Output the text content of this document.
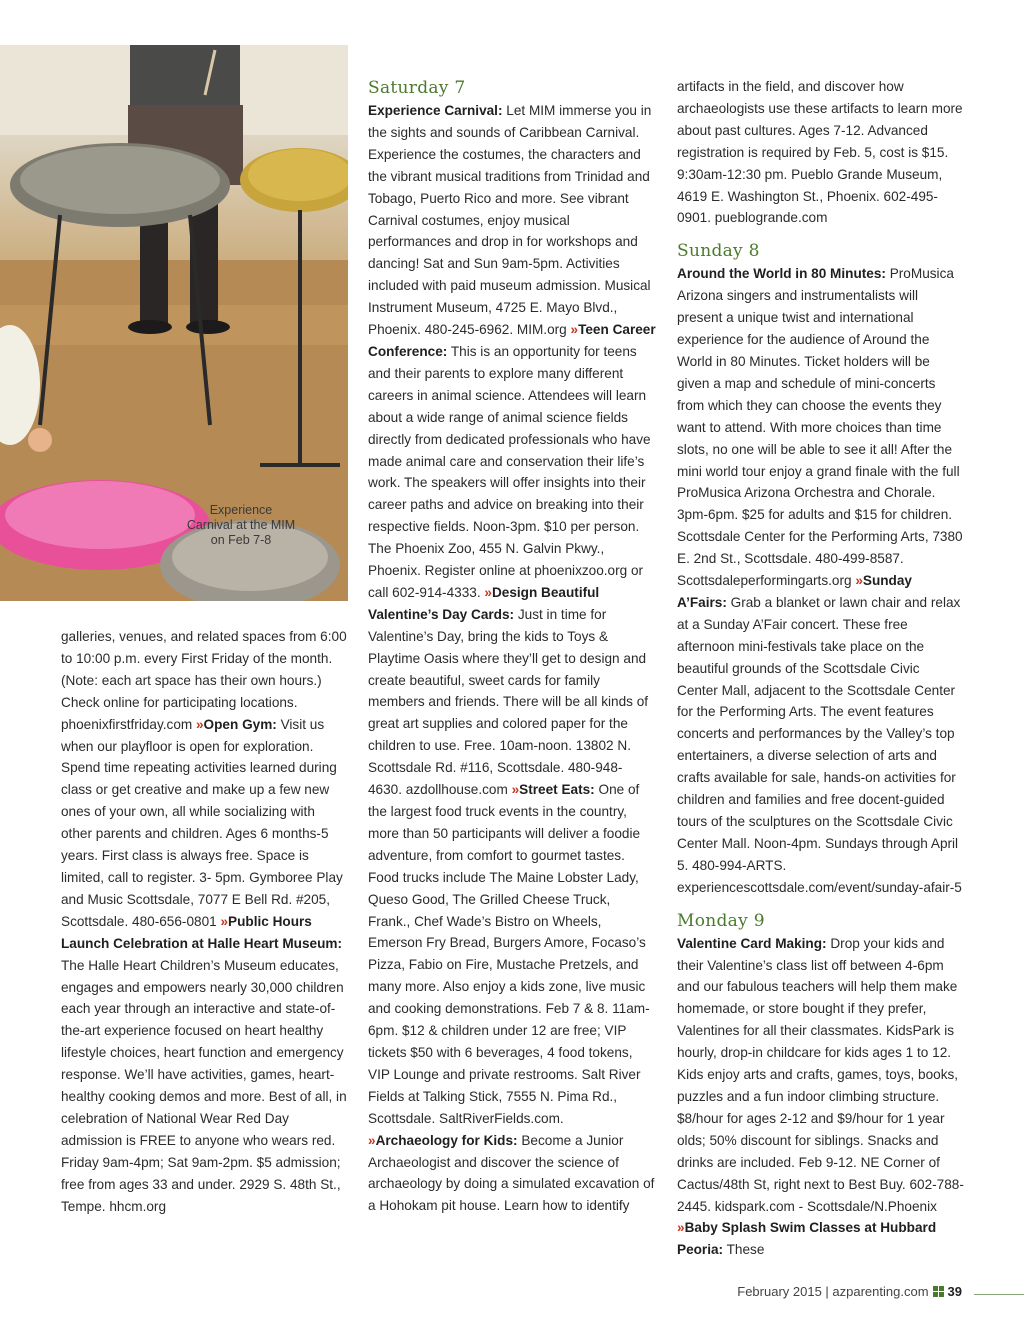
Experience
Carnival at the MIM
on Feb 7-8

galleries, venues, and related spaces from 6:00 to 10:00 p.m. every First Friday of the month. (Note: each art space has their own hours.) Check online for participating locations. phoenixfirstfriday.com »Open Gym: Visit us when our playfloor is open for exploration. Spend time repeating activities learned during class or get creative and make up a few new ones of your own, all while socializing with other parents and children. Ages 6 months-5 years. First class is always free. Space is limited, call to register. 3- 5pm. Gymboree Play and Music Scottsdale, 7077 E Bell Rd. #205, Scottsdale. 480-656-0801 »Public Hours Launch Celebration at Halle Heart Museum: The Halle Heart Children’s Museum educates, engages and empowers nearly 30,000 children each year through an interactive and state-of-the-art experience focused on heart healthy lifestyle choices, heart function and emergency response. We’ll have activities, games, heart-healthy cooking demos and more. Best of all, in celebration of National Wear Red Day admission is FREE to anyone who wears red. Friday 9am-4pm; Sat 9am-2pm. $5 admission; free from ages 33 and under. 2929 S. 48th St., Tempe. hhcm.org

Saturday 7

Experience Carnival: Let MIM immerse you in the sights and sounds of Caribbean Carnival. Experience the costumes, the characters and the vibrant musical traditions from Trinidad and Tobago, Puerto Rico and more. See vibrant Carnival costumes, enjoy musical performances and drop in for workshops and dancing! Sat and Sun 9am-5pm. Activities included with paid museum admission. Musical Instrument Museum, 4725 E. Mayo Blvd., Phoenix. 480-245-6962. MIM.org »Teen Career Conference: This is an opportunity for teens and their parents to explore many different careers in animal science. Attendees will learn about a wide range of animal science fields directly from dedicated professionals who have made animal care and conservation their life’s work. The speakers will offer insights into their career paths and advice on breaking into their respective fields. Noon-3pm. $10 per person. The Phoenix Zoo, 455 N. Galvin Pkwy., Phoenix. Register online at phoenixzoo.org or call 602-914-4333. »Design Beautiful Valentine’s Day Cards: Just in time for Valentine’s Day, bring the kids to Toys & Playtime Oasis where they’ll get to design and create beautiful, sweet cards for family members and friends. There will be all kinds of great art supplies and colored paper for the children to use. Free. 10am-noon. 13802 N. Scottsdale Rd. #116, Scottsdale. 480-948-4630. azdollhouse.com »Street Eats: One of the largest food truck events in the country, more than 50 participants will deliver a foodie adventure, from comfort to gourmet tastes. Food trucks include The Maine Lobster Lady, Queso Good, The Grilled Cheese Truck, Frank., Chef Wade’s Bistro on Wheels, Emerson Fry Bread, Burgers Amore, Focaso’s Pizza, Fabio on Fire, Mustache Pretzels, and many more. Also enjoy a kids zone, live music and cooking demonstrations. Feb 7 & 8. 11am-6pm. $12 & children under 12 are free; VIP tickets $50 with 6 beverages, 4 food tokens, VIP Lounge and private restrooms. Salt River Fields at Talking Stick, 7555 N. Pima Rd., Scottsdale. SaltRiverFields.com. »Archaeology for Kids: Become a Junior Archaeologist and discover the science of archaeology by doing a simulated excavation of a Hohokam pit house. Learn how to identify

artifacts in the field, and discover how archaeologists use these artifacts to learn more about past cultures. Ages 7-12. Advanced registration is required by Feb. 5, cost is $15. 9:30am-12:30 pm. Pueblo Grande Museum, 4619 E. Washington St., Phoenix. 602-495-0901. pueblogrande.com

Sunday 8

Around the World in 80 Minutes: ProMusica Arizona singers and instrumentalists will present a unique twist and international experience for the audience of Around the World in 80 Minutes. Ticket holders will be given a map and schedule of mini-concerts from which they can choose the events they want to attend. With more choices than time slots, no one will be able to see it all! After the mini world tour enjoy a grand finale with the full ProMusica Arizona Orchestra and Chorale. 3pm-6pm. $25 for adults and $15 for children. Scottsdale Center for the Performing Arts, 7380 E. 2nd St., Scottsdale. 480-499-8587. Scottsdaleperformingarts.org »Sunday A’Fairs: Grab a blanket or lawn chair and relax at a Sunday A’Fair concert. These free afternoon mini-festivals take place on the beautiful grounds of the Scottsdale Civic Center Mall, adjacent to the Scottsdale Center for the Performing Arts. The event features concerts and performances by the Valley’s top entertainers, a diverse selection of arts and crafts available for sale, hands-on activities for children and families and free docent-guided tours of the sculptures on the Scottsdale Civic Center Mall. Noon-4pm. Sundays through April 5. 480-994-ARTS. experiencescottsdale.com/event/sunday-afair-5

Monday 9

Valentine Card Making: Drop your kids and their Valentine’s class list off between 4-6pm and our fabulous teachers will help them make homemade, or store bought if they prefer, Valentines for all their classmates. KidsPark is hourly, drop-in childcare for kids ages 1 to 12. Kids enjoy arts and crafts, games, toys, books, puzzles and a fun indoor climbing structure. $8/hour for ages 2-12 and $9/hour for 1 year olds; 50% discount for siblings. Snacks and drinks are included. Feb 9-12. NE Corner of Cactus/48th St, right next to Best Buy. 602-788-2445. kidspark.com - Scottsdale/N.Phoenix »Baby Splash Swim Classes at Hubbard Peoria: These

February 2015 | azparenting.com 39
